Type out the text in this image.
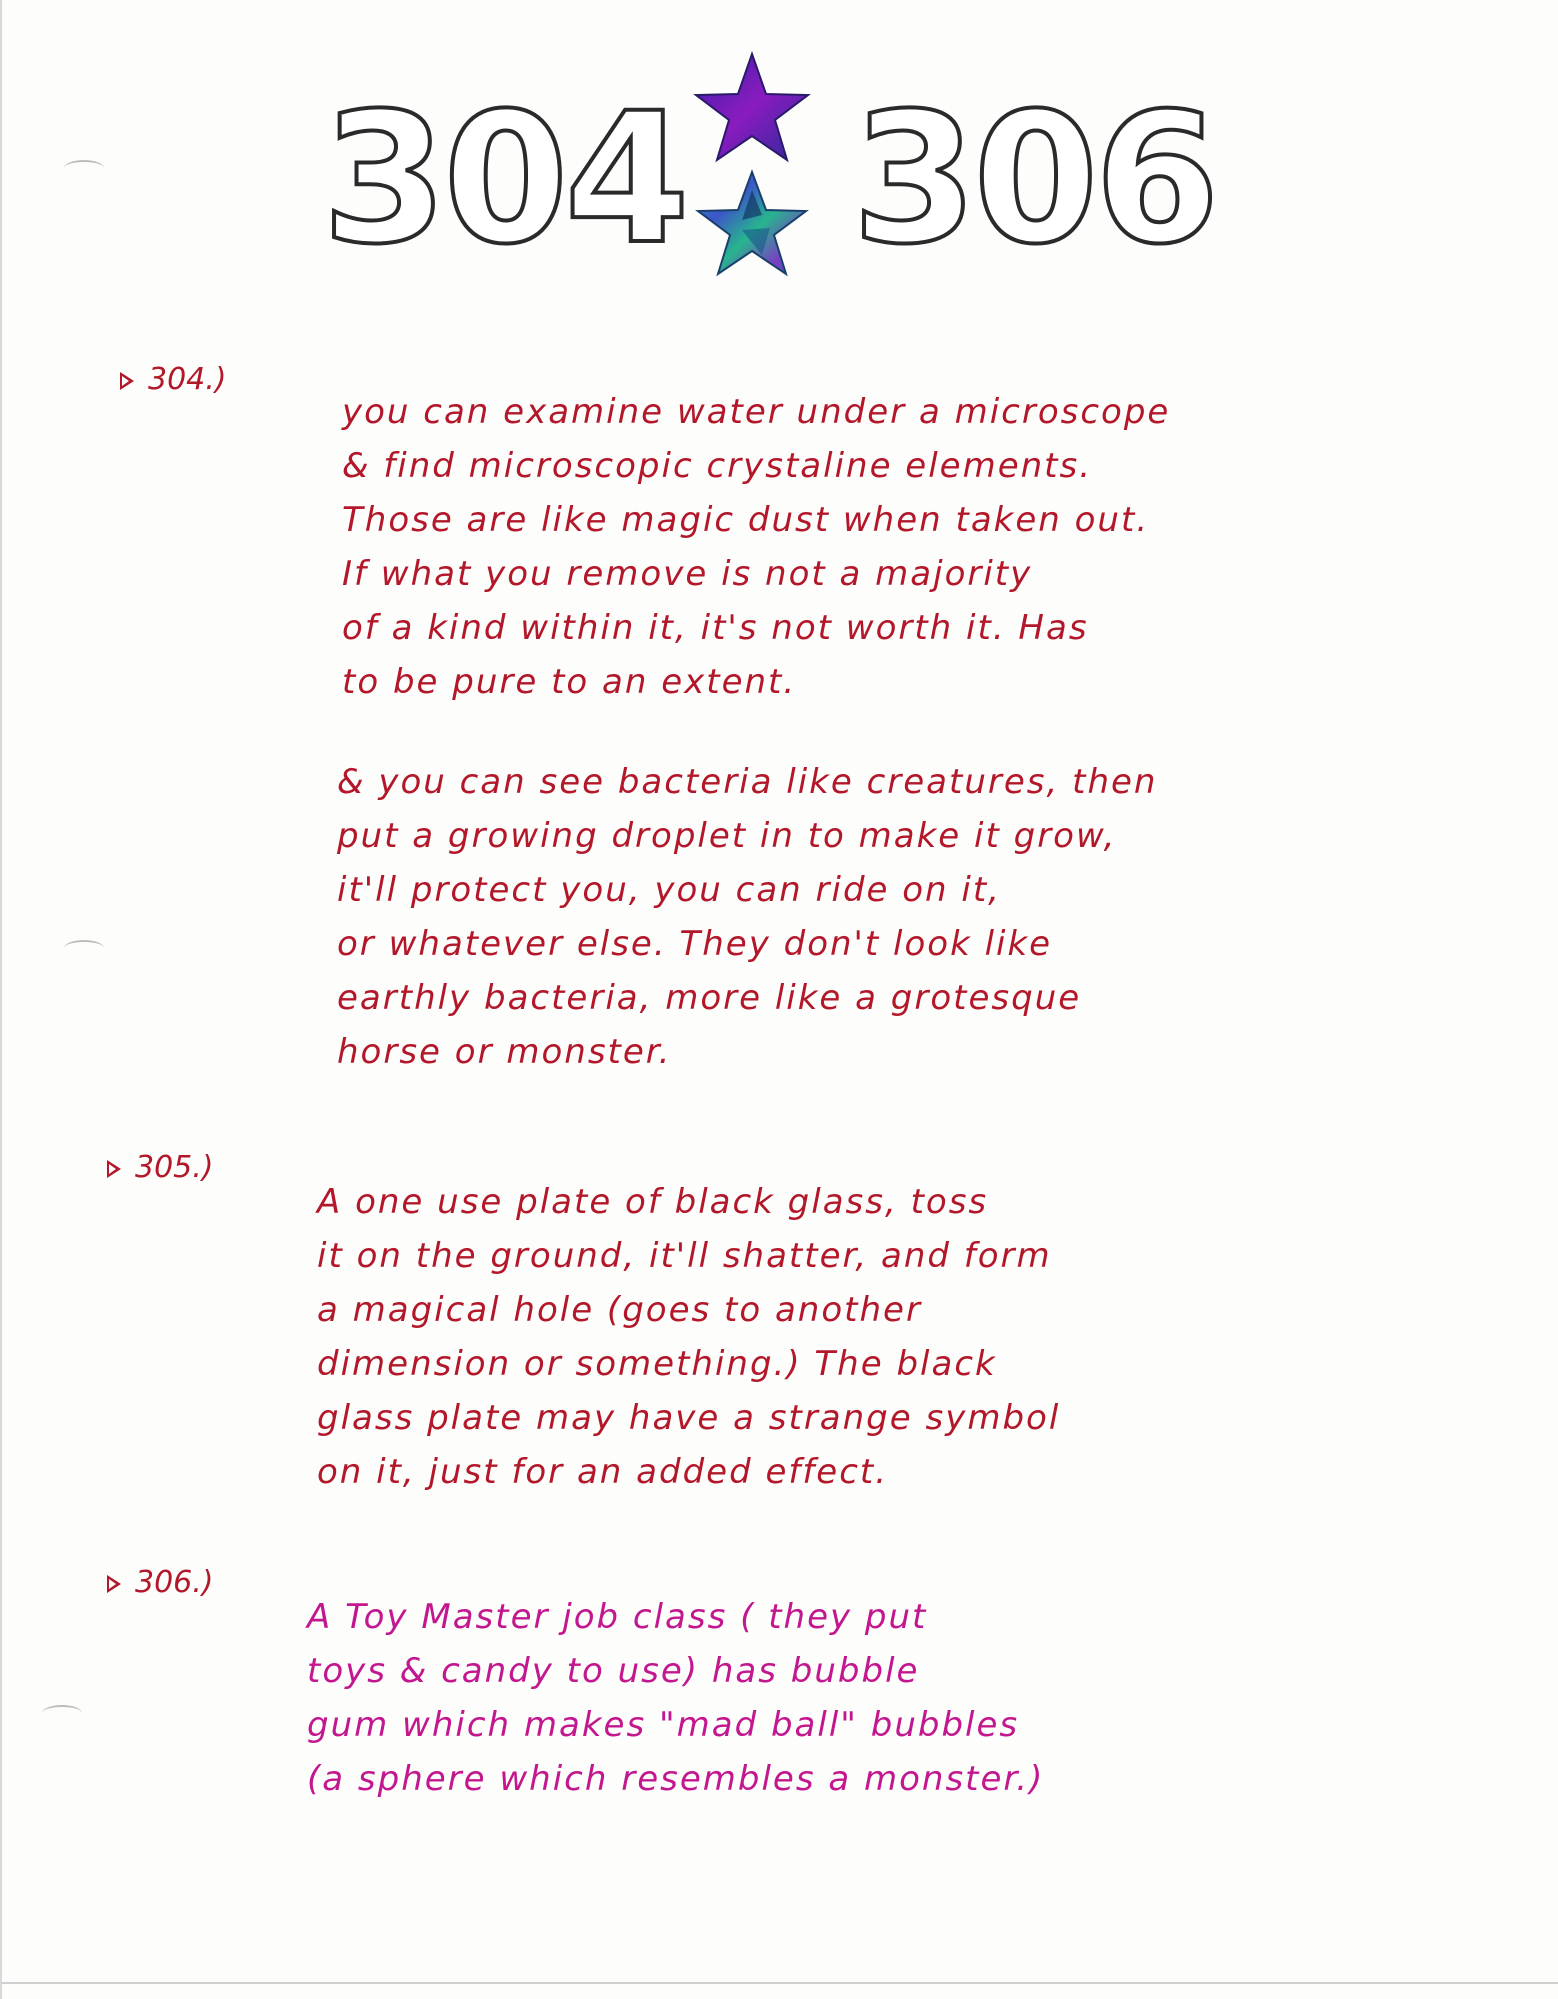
304 306
304.)
you can examine water under a microscope
& find microscopic crystaline elements.
Those are like magic dust when taken out.
If what you remove is not a majority
of a kind within it, it's not worth it. Has
to be pure to an extent.
& you can see bacteria like creatures, then
put a growing droplet in to make it grow,
it'll protect you, you can ride on it,
or whatever else. They don't look like
earthly bacteria, more like a grotesque
horse or monster.
305.)
A one use plate of black glass, toss
it on the ground, it'll shatter, and form
a magical hole (goes to another
dimension or something.) The black
glass plate may have a strange symbol
on it, just for an added effect.
306.)
A Toy Master job class ( they put
toys & candy to use) has bubble
gum which makes "mad ball" bubbles
(a sphere which resembles a monster.)
